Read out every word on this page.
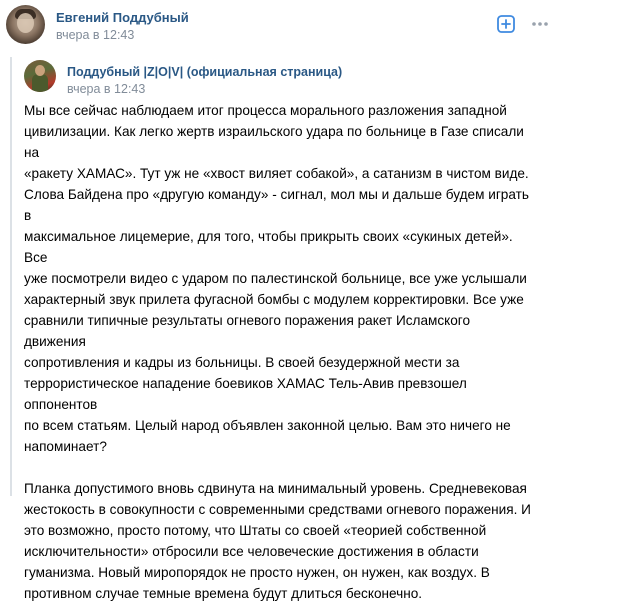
Евгений Поддубный
вчера в 12:43
Поддубный |Z|O|V| (официальная страница)
вчера в 12:43

Мы все сейчас наблюдаем итог процесса морального разложения западной
цивилизации. Как легко жертв израильского удара по больнице в Газе списали на
«ракету ХАМАС». Тут уж не «хвост виляет собакой», а сатанизм в чистом виде.
Слова Байдена про «другую команду» - сигнал, мол мы и дальше будем играть в
максимальное лицемерие, для того, чтобы прикрыть своих «сукиных детей». Все
уже посмотрели видео с ударом по палестинской больнице, все уже услышали
характерный звук прилета фугасной бомбы с модулем корректировки. Все уже
сравнили типичные результаты огневого поражения ракет Исламского движения
сопротивления и кадры из больницы. В своей безудержной мести за
террористическое нападение боевиков ХАМАС Тель-Авив превзошел оппонентов
по всем статьям. Целый народ объявлен законной целью. Вам это ничего не
напоминает?

Планка допустимого вновь сдвинута на минимальный уровень. Средневековая
жестокость в совокупности с современными средствами огневого поражения. И
это возможно, просто потому, что Штаты со своей «теорией собственной
исключительности» отбросили все человеческие достижения в области
гуманизма. Новый миропорядок не просто нужен, он нужен, как воздух. В
противном случае темные времена будут длиться бесконечно.
